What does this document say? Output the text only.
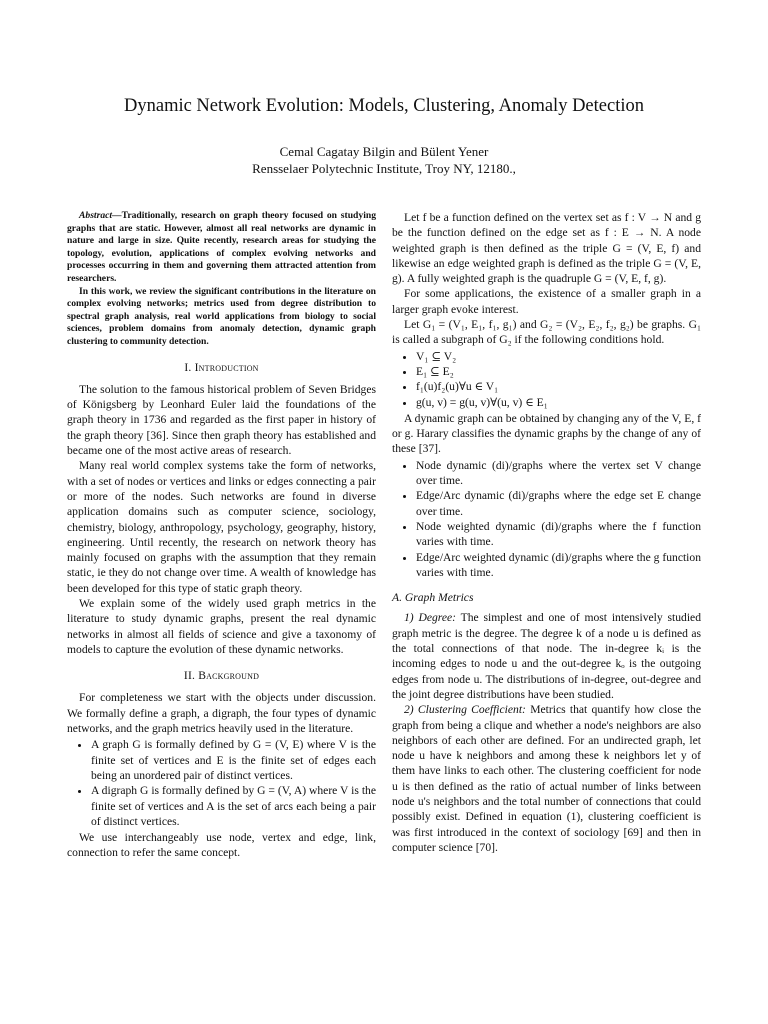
Dynamic Network Evolution: Models, Clustering, Anomaly Detection
Cemal Cagatay Bilgin and Bülent Yener
Rensselaer Polytechnic Institute, Troy NY, 12180.,

Abstract—Traditionally, research on graph theory focused on studying graphs that are static. However, almost all real networks are dynamic in nature and large in size. Quite recently, research areas for studying the topology, evolution, applications of complex evolving networks and processes occurring in them and governing them attracted attention from researchers.

In this work, we review the significant contributions in the literature on complex evolving networks; metrics used from degree distribution to spectral graph analysis, real world applications from biology to social sciences, problem domains from anomaly detection, dynamic graph clustering to community detection.

I. Introduction

The solution to the famous historical problem of Seven Bridges of Königsberg by Leonhard Euler laid the foundations of the graph theory in 1736 and regarded as the first paper in history of the graph theory [36]. Since then graph theory has established and became one of the most active areas of research.

Many real world complex systems take the form of networks, with a set of nodes or vertices and links or edges connecting a pair or more of the nodes. Such networks are found in diverse application domains such as computer science, sociology, chemistry, biology, anthropology, psychology, geography, history, engineering. Until recently, the research on network theory has mainly focused on graphs with the assumption that they remain static, ie they do not change over time. A wealth of knowledge has been developed for this type of static graph theory.

We explain some of the widely used graph metrics in the literature to study dynamic graphs, present the real dynamic networks in almost all fields of science and give a taxonomy of models to capture the evolution of these dynamic networks.

II. Background

For completeness we start with the objects under discussion. We formally define a graph, a digraph, the four types of dynamic networks, and the graph metrics heavily used in the literature.

• A graph G is formally defined by G = (V, E) where V is the finite set of vertices and E is the finite set of edges each being an unordered pair of distinct vertices.
• A digraph G is formally defined by G = (V, A) where V is the finite set of vertices and A is the set of arcs each being a pair of distinct vertices.

We use interchangeably use node, vertex and edge, link, connection to refer the same concept.

Let f be a function defined on the vertex set as f : V → N and g be the function defined on the edge set as f : E → N. A node weighted graph is then defined as the triple G = (V, E, f) and likewise an edge weighted graph is defined as the triple G = (V, E, g). A fully weighted graph is the quadruple G = (V, E, f, g).

For some applications, the existence of a smaller graph in a larger graph evoke interest.

Let G₁ = (V₁, E₁, f₁, g₁) and G₂ = (V₂, E₂, f₂, g₂) be graphs. G₁ is called a subgraph of G₂ if the following conditions hold.

• V₁ ⊆ V₂
• E₁ ⊆ E₂
• f₁(u)f₂(u)∀u ∈ V₁
• g(u, v) = g(u, v)∀(u, v) ∈ E₁

A dynamic graph can be obtained by changing any of the V, E, f or g. Harary classifies the dynamic graphs by the change of any of these [37].

• Node dynamic (di)/graphs where the vertex set V change over time.
• Edge/Arc dynamic (di)/graphs where the edge set E change over time.
• Node weighted dynamic (di)/graphs where the f function varies with time.
• Edge/Arc weighted dynamic (di)/graphs where the g function varies with time.
A. Graph Metrics

1) Degree: The simplest and one of most intensively studied graph metric is the degree. The degree k of a node u is defined as the total connections of that node. The in-degree kᵢ is the incoming edges to node u and the out-degree kₒ is the outgoing edges from node u. The distributions of in-degree, out-degree and the joint degree distributions have been studied.

2) Clustering Coefficient: Metrics that quantify how close the graph from being a clique and whether a node's neighbors are also neighbors of each other are defined. For an undirected graph, let node u have k neighbors and among these k neighbors let y of them have links to each other. The clustering coefficient for node u is then defined as the ratio of actual number of links between node u's neighbors and the total number of connections that could possibly exist. Defined in equation (1), clustering coefficient is was first introduced in the context of sociology [69] and then in computer science [70].
